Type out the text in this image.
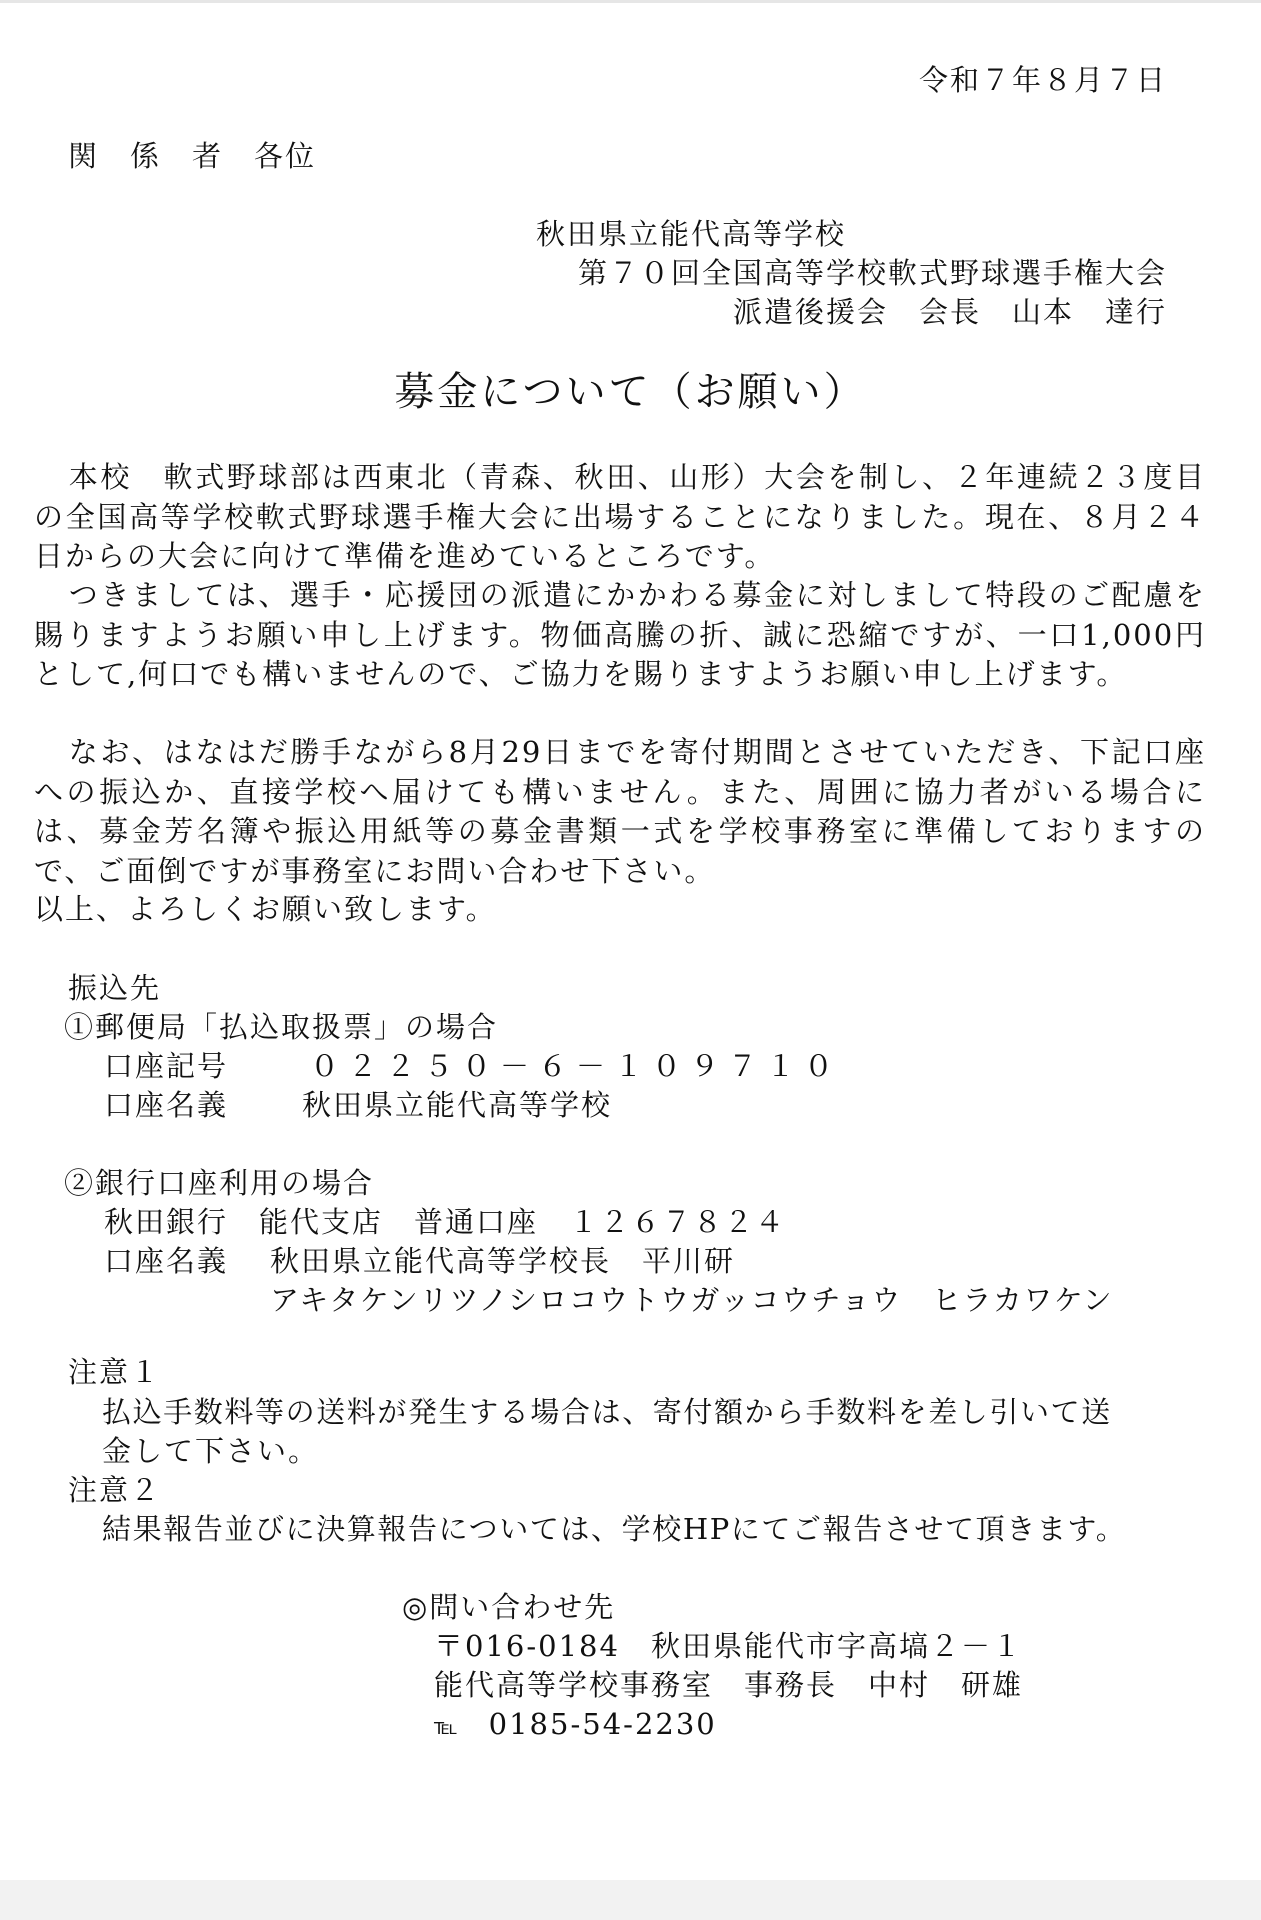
令和７年８月７日
関　係　者　各位
秋田県立能代高等学校
第７０回全国高等学校軟式野球選手権大会
派遣後援会　会長　山本　達行
募金について（お願い）
本校　軟式野球部は西東北（青森、秋田、山形）大会を制し、２年連続２３度目の全国高等学校軟式野球選手権大会に出場することになりました。現在、８月２４日からの大会に向けて準備を進めているところです。
つきましては、選手・応援団の派遣にかかわる募金に対しまして特段のご配慮を賜りますようお願い申し上げます。物価高騰の折、誠に恐縮ですが、一口1,000円として,何口でも構いませんので、ご協力を賜りますようお願い申し上げます。
なお、はなはだ勝手ながら8月29日までを寄付期間とさせていただき、下記口座への振込か、直接学校へ届けても構いません。また、周囲に協力者がいる場合には、募金芳名簿や振込用紙等の募金書類一式を学校事務室に準備しておりますので、ご面倒ですが事務室にお問い合わせ下さい。
以上、よろしくお願い致します。
振込先
①郵便局「払込取扱票」の場合
口座記号	０２２５０－６－１０９７１０
口座名義	秋田県立能代高等学校
②銀行口座利用の場合
秋田銀行　能代支店　普通口座　１２６７８２４
口座名義 秋田県立能代高等学校長　平川研
アキタケンリツノシロコウトウガッコウチョウ　ヒラカワケン
注意１
払込手数料等の送料が発生する場合は、寄付額から手数料を差し引いて送
金して下さい。
注意２
結果報告並びに決算報告については、学校HPにてご報告させて頂きます。
◎問い合わせ先
〒016-0184　秋田県能代市字高塙２－１
能代高等学校事務室　事務長　中村　研雄
℡　 0185-54-2230
